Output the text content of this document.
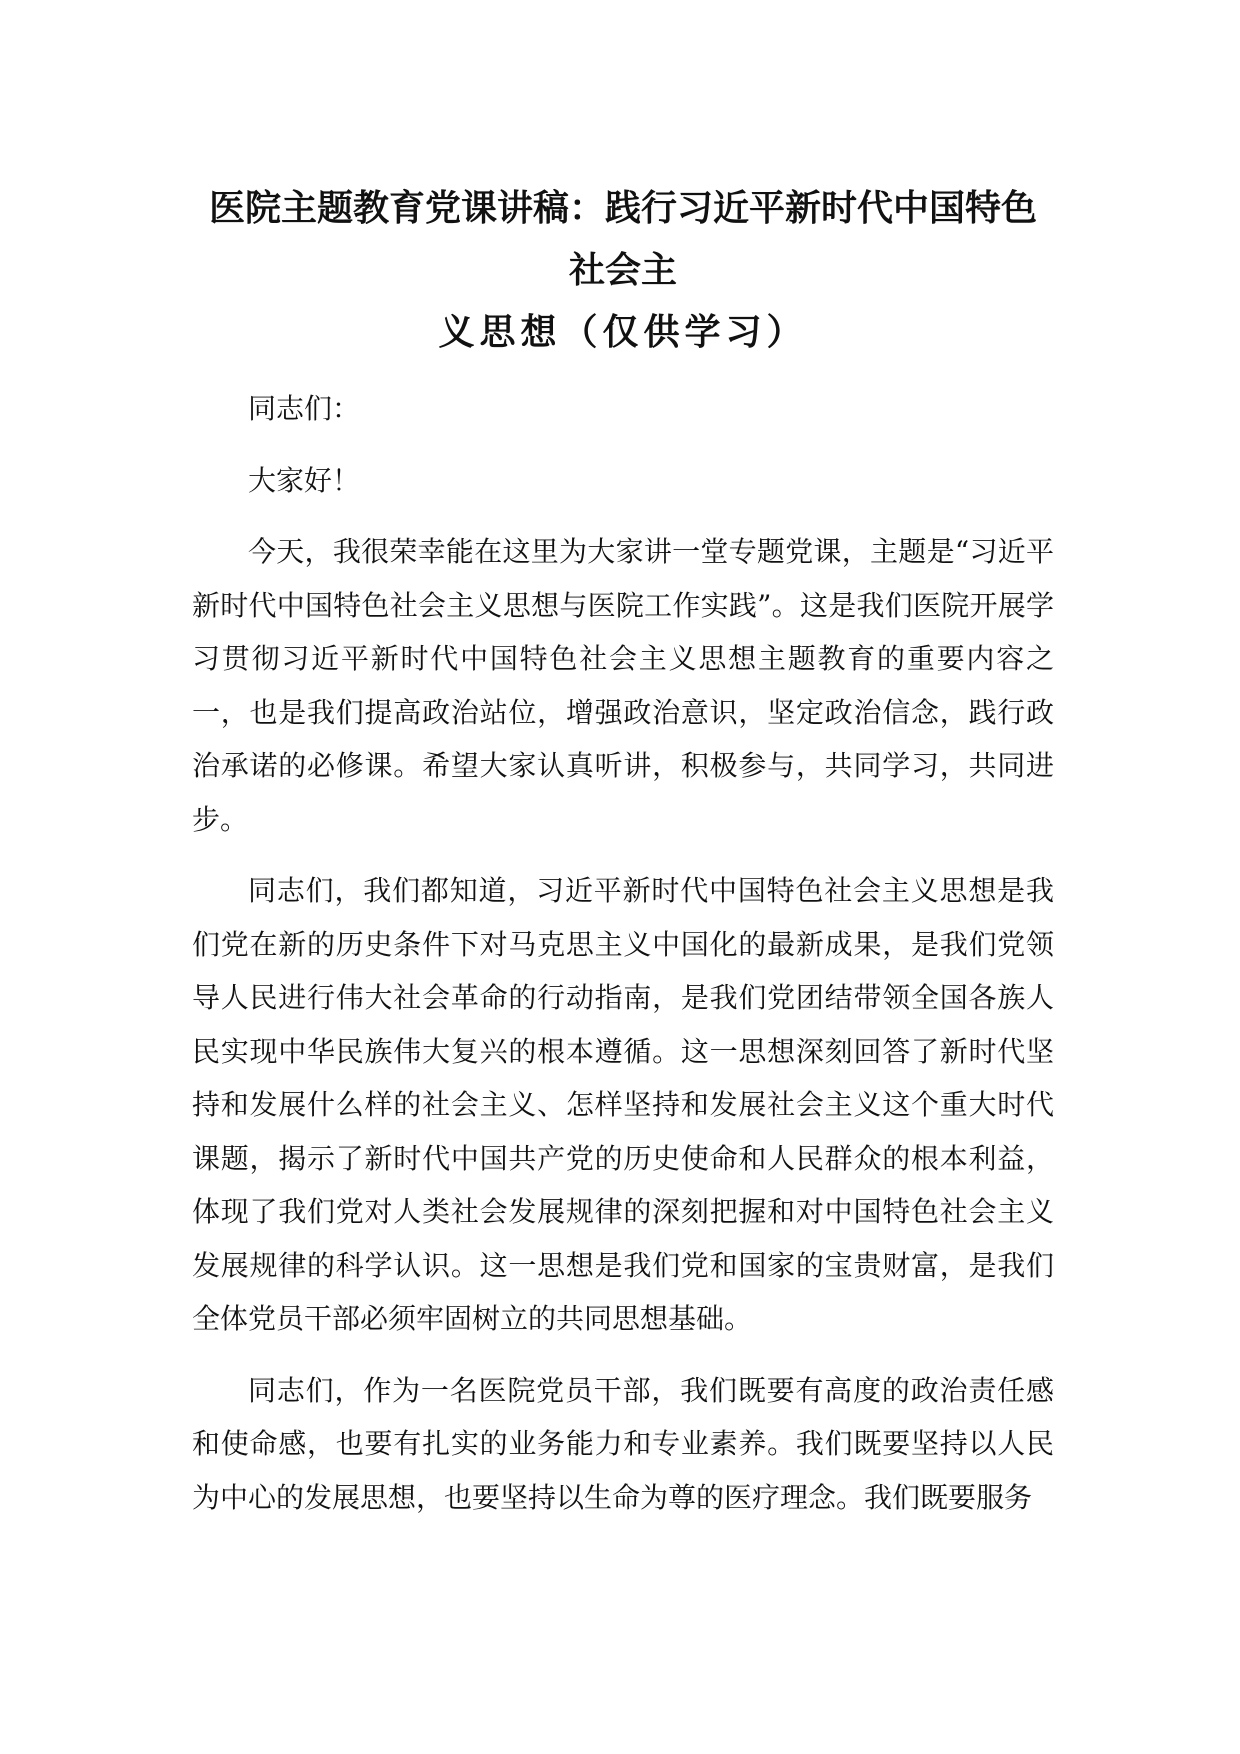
医院主题教育党课讲稿：践行习近平新时代中国特色社会主

义思想（仅供学习）

同志们：

大家好！

今天，我很荣幸能在这里为大家讲一堂专题党课，主题是“习近平新时代中国特色社会主义思想与医院工作实践”。这是我们医院开展学习贯彻习近平新时代中国特色社会主义思想主题教育的重要内容之一，也是我们提高政治站位，增强政治意识，坚定政治信念，践行政治承诺的必修课。希望大家认真听讲，积极参与，共同学习，共同进步。

同志们，我们都知道，习近平新时代中国特色社会主义思想是我们党在新的历史条件下对马克思主义中国化的最新成果，是我们党领导人民进行伟大社会革命的行动指南，是我们党团结带领全国各族人民实现中华民族伟大复兴的根本遵循。这一思想深刻回答了新时代坚持和发展什么样的社会主义、怎样坚持和发展社会主义这个重大时代课题，揭示了新时代中国共产党的历史使命和人民群众的根本利益，体现了我们党对人类社会发展规律的深刻把握和对中国特色社会主义发展规律的科学认识。这一思想是我们党和国家的宝贵财富，是我们全体党员干部必须牢固树立的共同思想基础。

同志们，作为一名医院党员干部，我们既要有高度的政治责任感和使命感，也要有扎实的业务能力和专业素养。我们既要坚持以人民为中心的发展思想，也要坚持以生命为尊的医疗理念。我们既要服务
